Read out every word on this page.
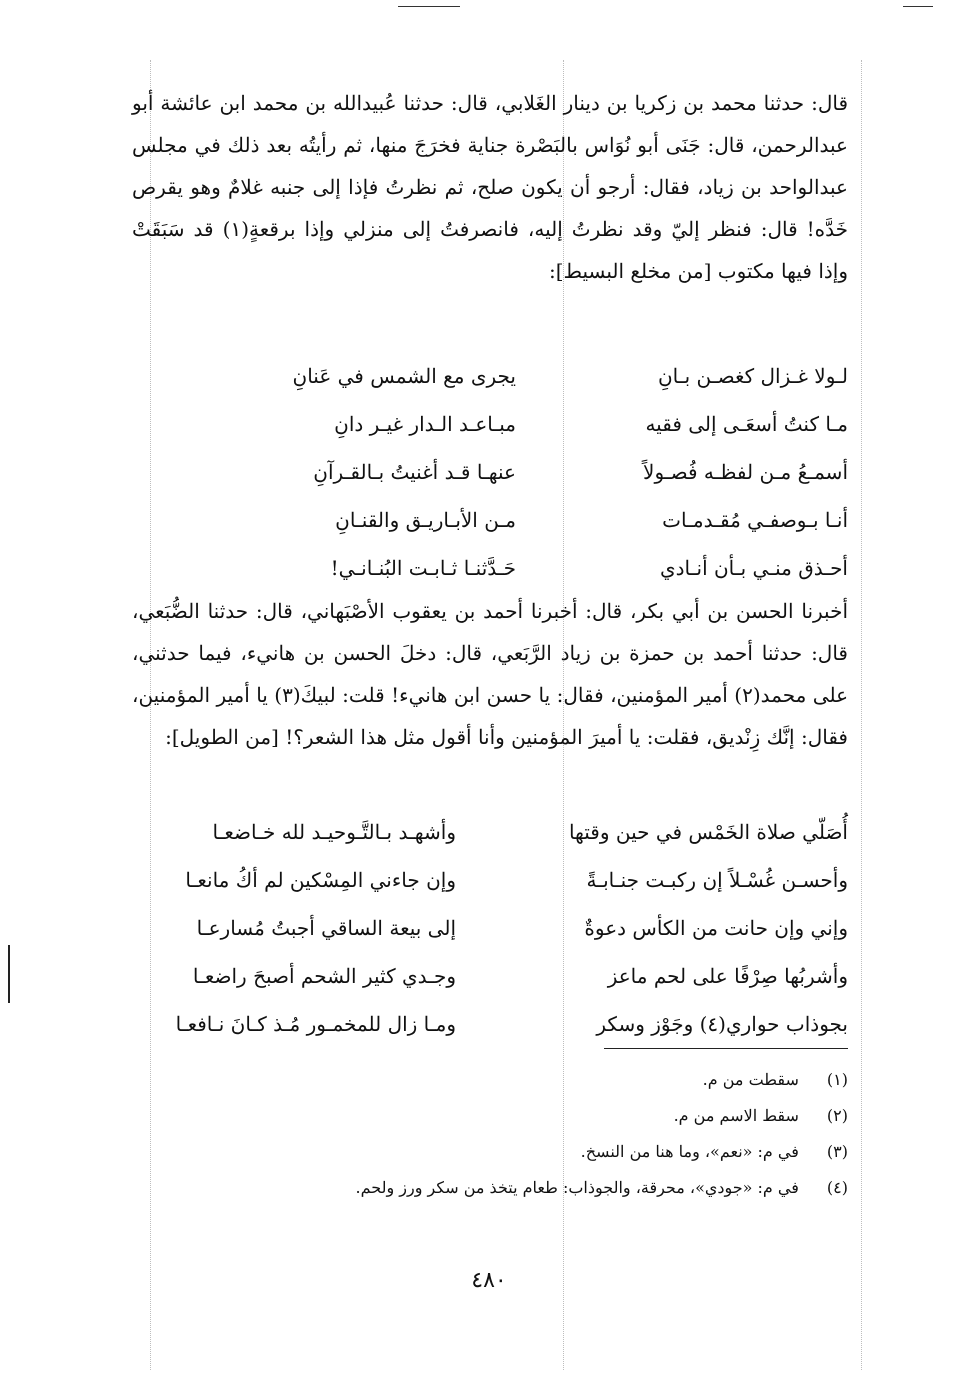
قال: حدثنا محمد بن زكريا بن دينار الغَلابي، قال: حدثنا عُبيدالله بن محمد ابن عائشة أبو عبدالرحمن، قال: جَنَى أبو نُوَاس بالبَصْرة جناية فخرَجَ منها، ثم رأيتُه بعد ذلك في مجلس عبدالواحد بن زياد، فقال: أرجو أن يكون صلح، ثم نظرتُ فإذا إلى جنبه غلامٌ وهو يقرص خَدَّه! قال: فنظر إليّ وقد نظرتُ إليه، فانصرفتُ إلى منزلي وإذا برقعةٍ(١) قد سَبَقَتْ وإذا فيها مكتوب [من مخلع البسيط]:

لـولا غـزال كغصـن بـانِ
يجرى مع الشمس في عَنانِ
مـا كنتُ أسعَـى إلى فقيه
مبـاعـد الـدار غيـر دانِ
أسمـعُ مـن لفظـه فُصـولاً
عنهـا قـد أغنيتُ بـالقـرآنِ
أنـا بـوصفـي مُقـدمـات
مـن الأبـاريـق والقنـانِ
أحـذق منـي بـأن أنـادي
حَـدَّثنـا ثـابـت البُنـانـي!

أخبرنا الحسن بن أبي بكر، قال: أخبرنا أحمد بن يعقوب الأصْبَهاني، قال: حدثنا الضُّبَعي، قال: حدثنا أحمد بن حمزة بن زياد الرَّبَعي، قال: دخلَ الحسن بن هانيء، فيما حدثني، على محمد(٢) أمير المؤمنين، فقال: يا حسن ابن هانيء! قلت: لبيكَ(٣) يا أمير المؤمنين، فقال: إنَّك زِنْديق، فقلت: يا أميرَ المؤمنين وأنا أقول مثل هذا الشعر؟! [من الطويل]:

أُصَلّي صلاة الخَمْس في حين وقتها
وأشهـد بـالتَّـوحيـد لله خـاضعـا
وأحسـن غُسْـلاً إن ركبـت جنـابـةً
وإن جاءني المِسْكين لم أكُ مانعـا
وإني وإن حانت من الكأس دعوةٌ
إلى بيعة الساقي أجبتُ مُسارعـا
وأشربُها صِرْفًا على لحم ماعز
وجـدي كثير الشحم أصبحَ راضعـا
بجوذاب حواري(٤) وجَوْز وسكر
ومـا زال للمخمـور مُـذ كـانَ نـافعـا
(١) سقطت من م.
(٢) سقط الاسم من م.
(٣) في م: «نعم»، وما هنا من النسخ.
(٤) في م: «جودي»، محرقة، والجوذاب: طعام يتخذ من سكر ورز ولحم.
٤٨٠
